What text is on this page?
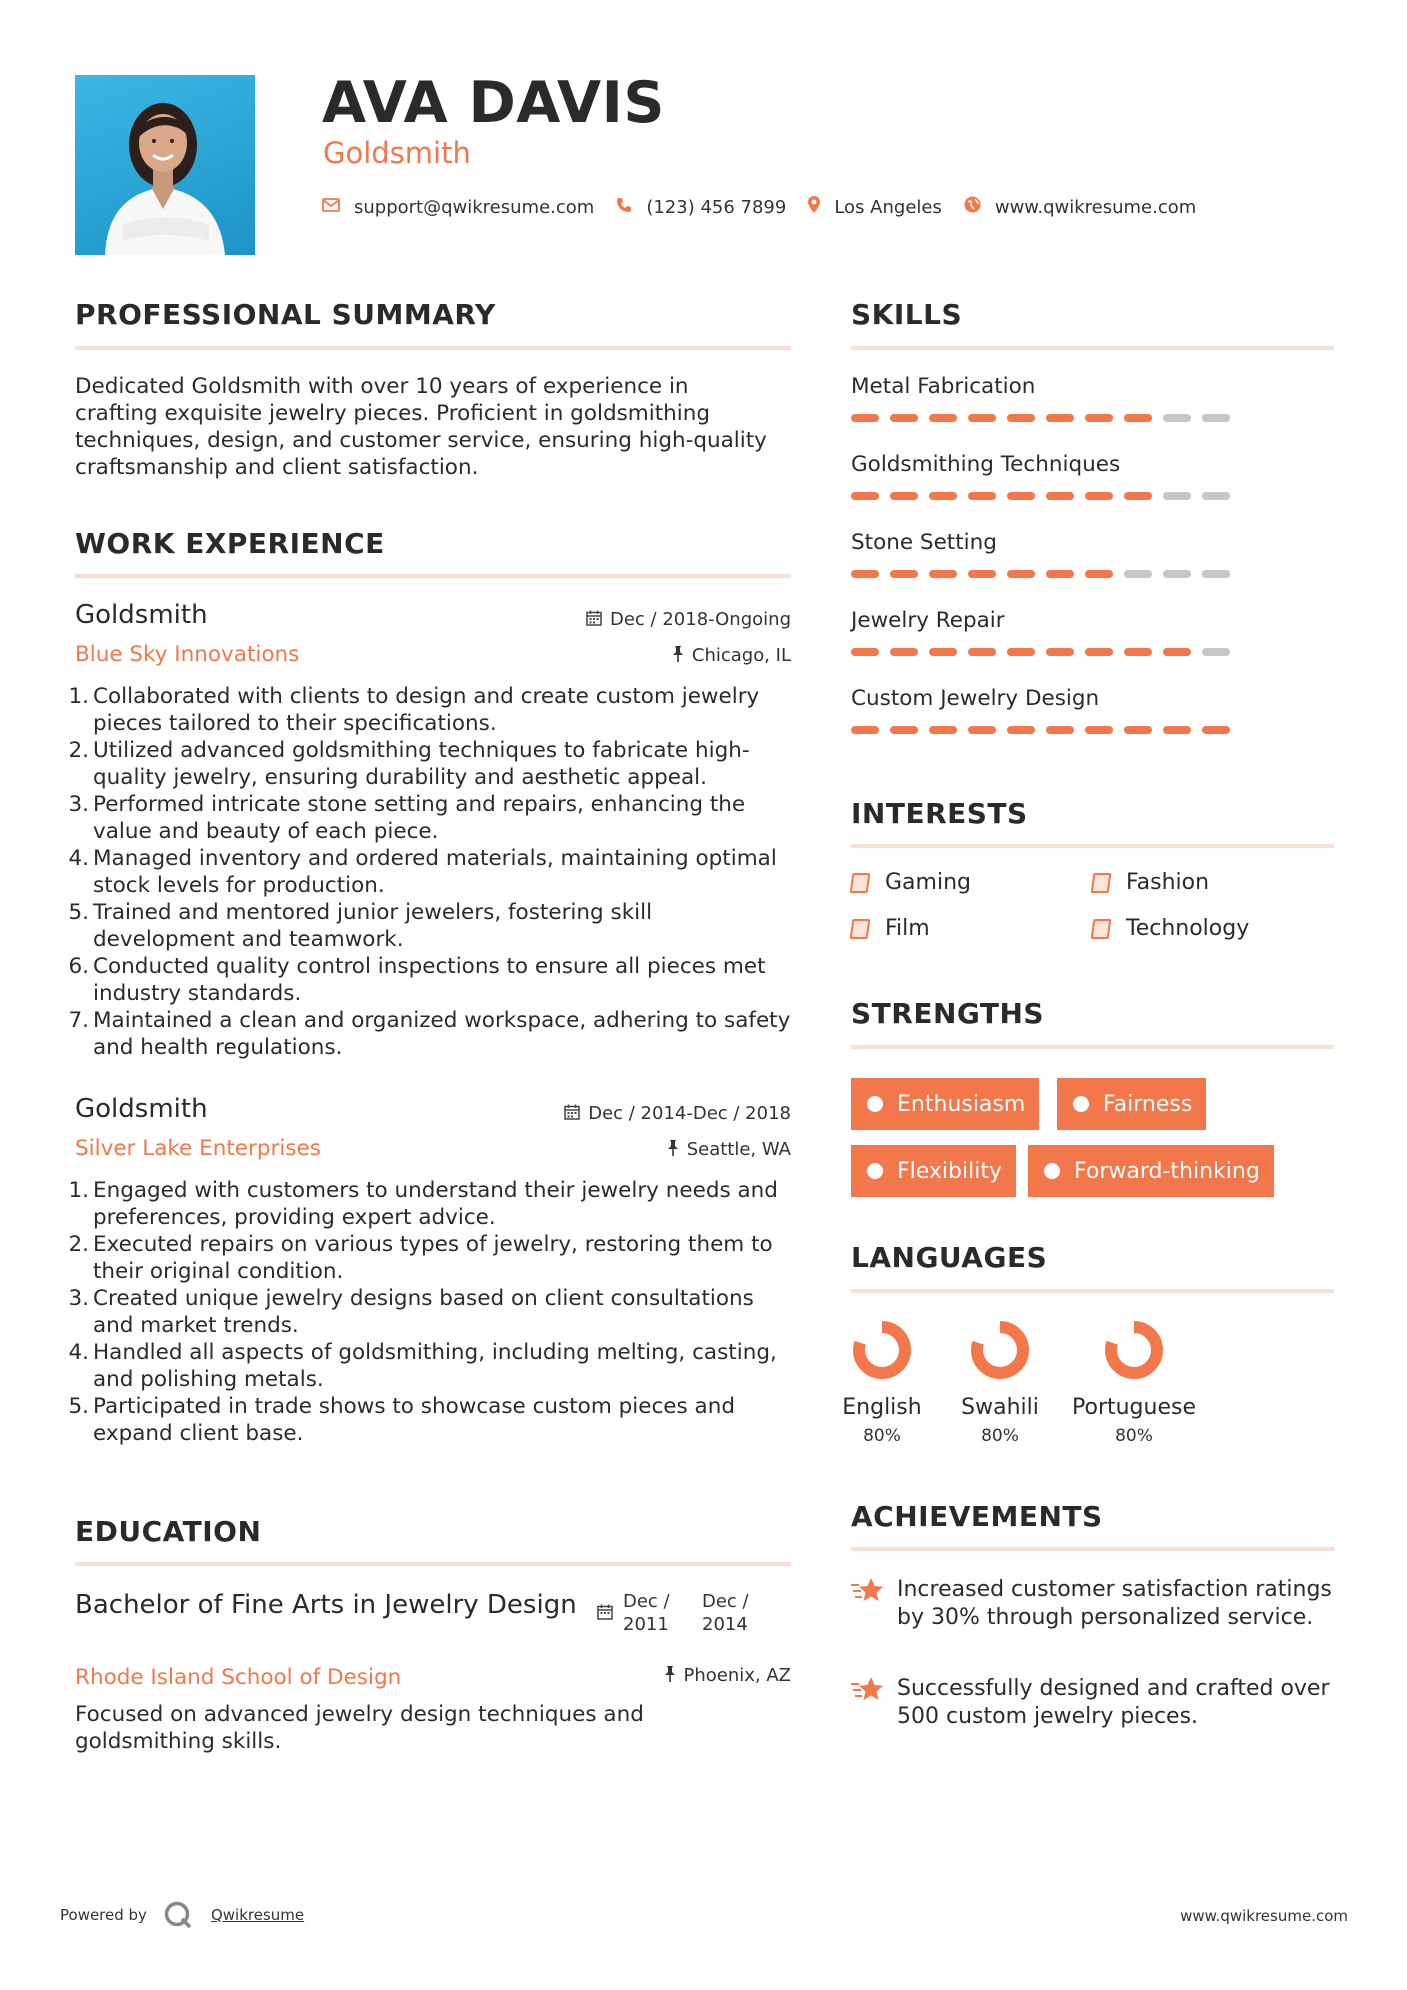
AVA DAVIS
Goldsmith
support@qwikresume.com	(123) 456 7899	Los Angeles	www.qwikresume.com
PROFESSIONAL SUMMARY
Dedicated Goldsmith with over 10 years of experience in crafting exquisite jewelry pieces. Proficient in goldsmithing techniques, design, and customer service, ensuring high-quality craftsmanship and client satisfaction.
WORK EXPERIENCE
Goldsmith	Dec / 2018-Ongoing
Blue Sky Innovations	Chicago, IL
1. Collaborated with clients to design and create custom jewelry pieces tailored to their specifications.
2. Utilized advanced goldsmithing techniques to fabricate high-quality jewelry, ensuring durability and aesthetic appeal.
3. Performed intricate stone setting and repairs, enhancing the value and beauty of each piece.
4. Managed inventory and ordered materials, maintaining optimal stock levels for production.
5. Trained and mentored junior jewelers, fostering skill development and teamwork.
6. Conducted quality control inspections to ensure all pieces met industry standards.
7. Maintained a clean and organized workspace, adhering to safety and health regulations.
Goldsmith	Dec / 2014-Dec / 2018
Silver Lake Enterprises	Seattle, WA
1. Engaged with customers to understand their jewelry needs and preferences, providing expert advice.
2. Executed repairs on various types of jewelry, restoring them to their original condition.
3. Created unique jewelry designs based on client consultations and market trends.
4. Handled all aspects of goldsmithing, including melting, casting, and polishing metals.
5. Participated in trade shows to showcase custom pieces and expand client base.
EDUCATION
Bachelor of Fine Arts in Jewelry Design	Dec / 2011
Dec / 2014
Rhode Island School of Design	Phoenix, AZ
Focused on advanced jewelry design techniques and goldsmithing skills.
SKILLS
Metal Fabrication
Goldsmithing Techniques
Stone Setting
Jewelry Repair
Custom Jewelry Design
INTERESTS
Gaming	Fashion
Film	Technology
STRENGTHS
Enthusiasm	Fairness
Flexibility	Forward-thinking
LANGUAGES
English
80%
Swahili
80%
Portuguese
80%
ACHIEVEMENTS
Increased customer satisfaction ratings by 30% through personalized service.
Successfully designed and crafted over 500 custom jewelry pieces.
Powered by	Qwikresume	www.qwikresume.com
